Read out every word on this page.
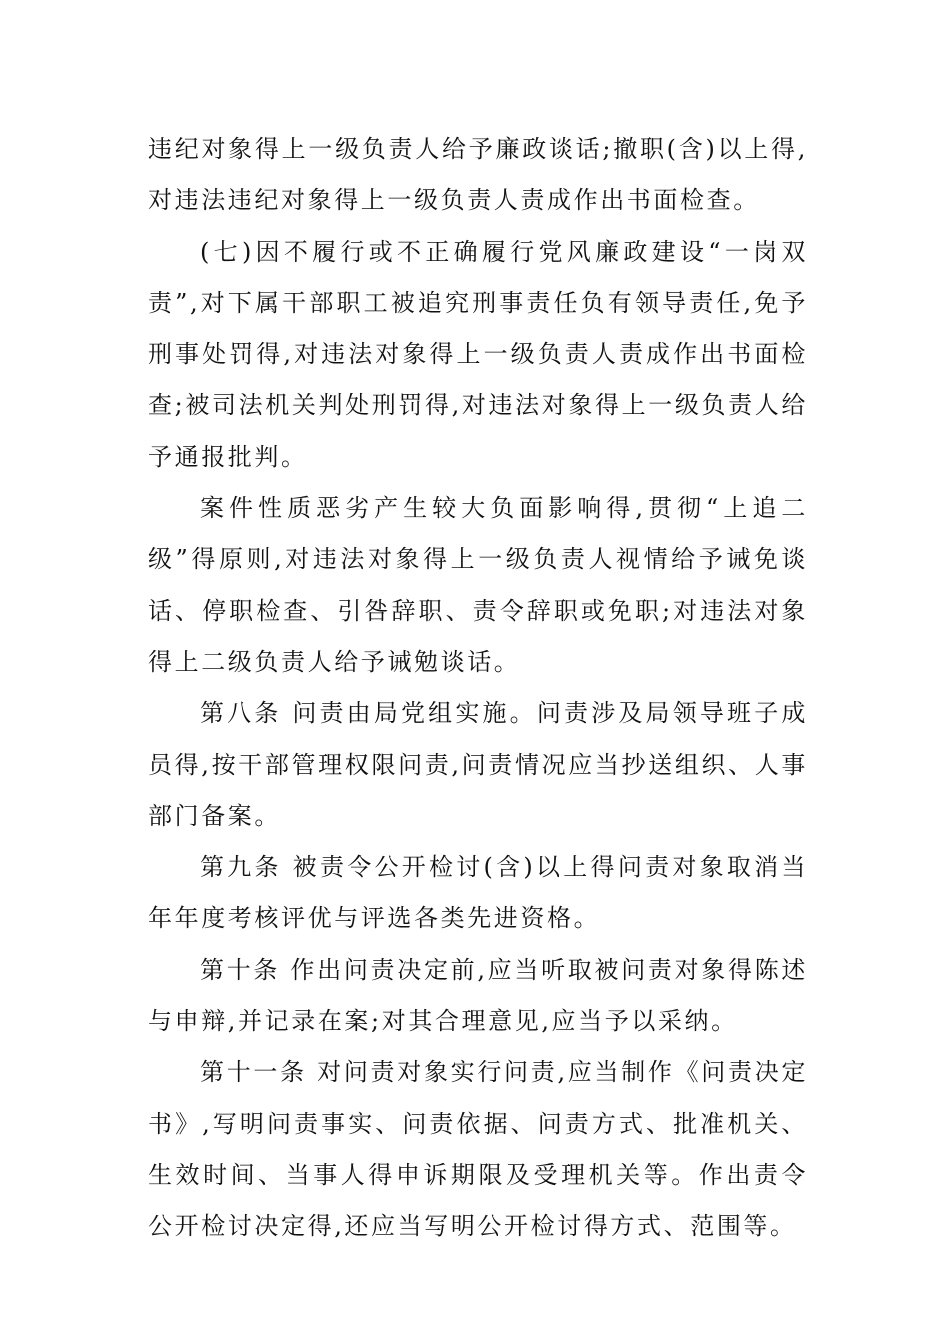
违纪对象得上一级负责人给予廉政谈话;撤职(含)以上得,对违法违纪对象得上一级负责人责成作出书面检查。

(七)因不履行或不正确履行党风廉政建设“一岗双责”,对下属干部职工被追究刑事责任负有领导责任,免予刑事处罚得,对违法对象得上一级负责人责成作出书面检查;被司法机关判处刑罚得,对违法对象得上一级负责人给予通报批判。

案件性质恶劣产生较大负面影响得,贯彻“上追二级”得原则,对违法对象得上一级负责人视情给予诫免谈话、停职检查、引咎辞职、责令辞职或免职;对违法对象得上二级负责人给予诫勉谈话。

第八条 问责由局党组实施。问责涉及局领导班子成员得,按干部管理权限问责,问责情况应当抄送组织、人事部门备案。

第九条 被责令公开检讨(含)以上得问责对象取消当年年度考核评优与评选各类先进资格。

第十条 作出问责决定前,应当听取被问责对象得陈述与申辩,并记录在案;对其合理意见,应当予以采纳。

第十一条 对问责对象实行问责,应当制作《问责决定书》,写明问责事实、问责依据、问责方式、批准机关、生效时间、当事人得申诉期限及受理机关等。作出责令公开检讨决定得,还应当写明公开检讨得方式、范围等。
